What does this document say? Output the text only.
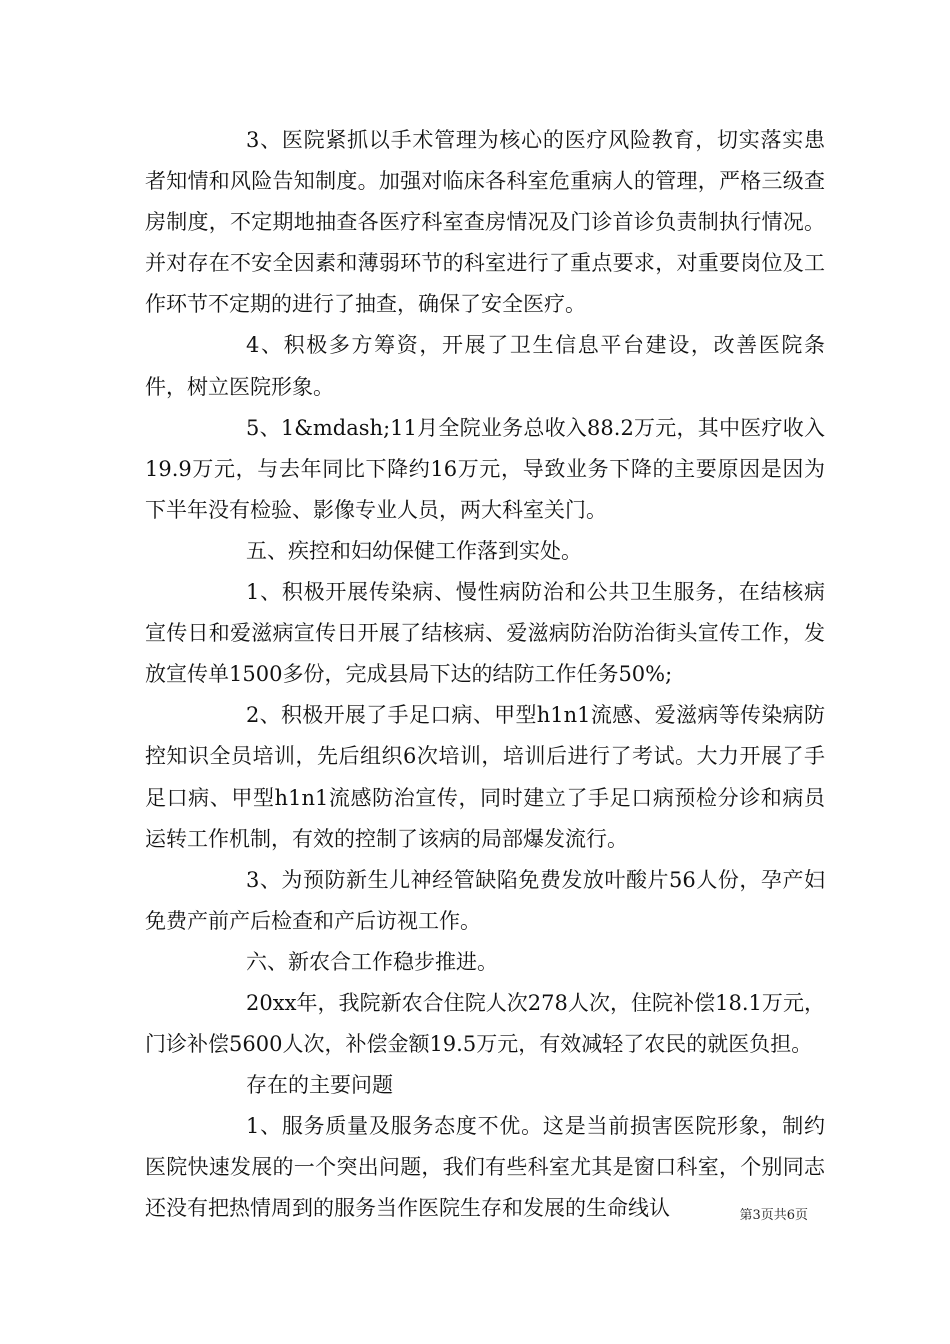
3、医院紧抓以手术管理为核心的医疗风险教育，切实落实患者知情和风险告知制度。加强对临床各科室危重病人的管理，严格三级查房制度，不定期地抽查各医疗科室查房情况及门诊首诊负责制执行情况。并对存在不安全因素和薄弱环节的科室进行了重点要求，对重要岗位及工作环节不定期的进行了抽查，确保了安全医疗。

4、积极多方筹资，开展了卫生信息平台建设，改善医院条件，树立医院形象。

5、1&mdash;11月全院业务总收入88.2万元，其中医疗收入19.9万元，与去年同比下降约16万元，导致业务下降的主要原因是因为下半年没有检验、影像专业人员，两大科室关门。

五、疾控和妇幼保健工作落到实处。

1、积极开展传染病、慢性病防治和公共卫生服务，在结核病宣传日和爱滋病宣传日开展了结核病、爱滋病防治防治街头宣传工作，发放宣传单1500多份，完成县局下达的结防工作任务50%;

2、积极开展了手足口病、甲型h1n1流感、爱滋病等传染病防控知识全员培训，先后组织6次培训，培训后进行了考试。大力开展了手足口病、甲型h1n1流感防治宣传，同时建立了手足口病预检分诊和病员运转工作机制，有效的控制了该病的局部爆发流行。

3、为预防新生儿神经管缺陷免费发放叶酸片56人份，孕产妇免费产前产后检查和产后访视工作。

六、新农合工作稳步推进。

20xx年，我院新农合住院人次278人次，住院补偿18.1万元，门诊补偿5600人次，补偿金额19.5万元，有效减轻了农民的就医负担。

存在的主要问题

1、服务质量及服务态度不优。这是当前损害医院形象，制约医院快速发展的一个突出问题，我们有些科室尤其是窗口科室，个别同志还没有把热情周到的服务当作医院生存和发展的生命线认	第3页共6页
